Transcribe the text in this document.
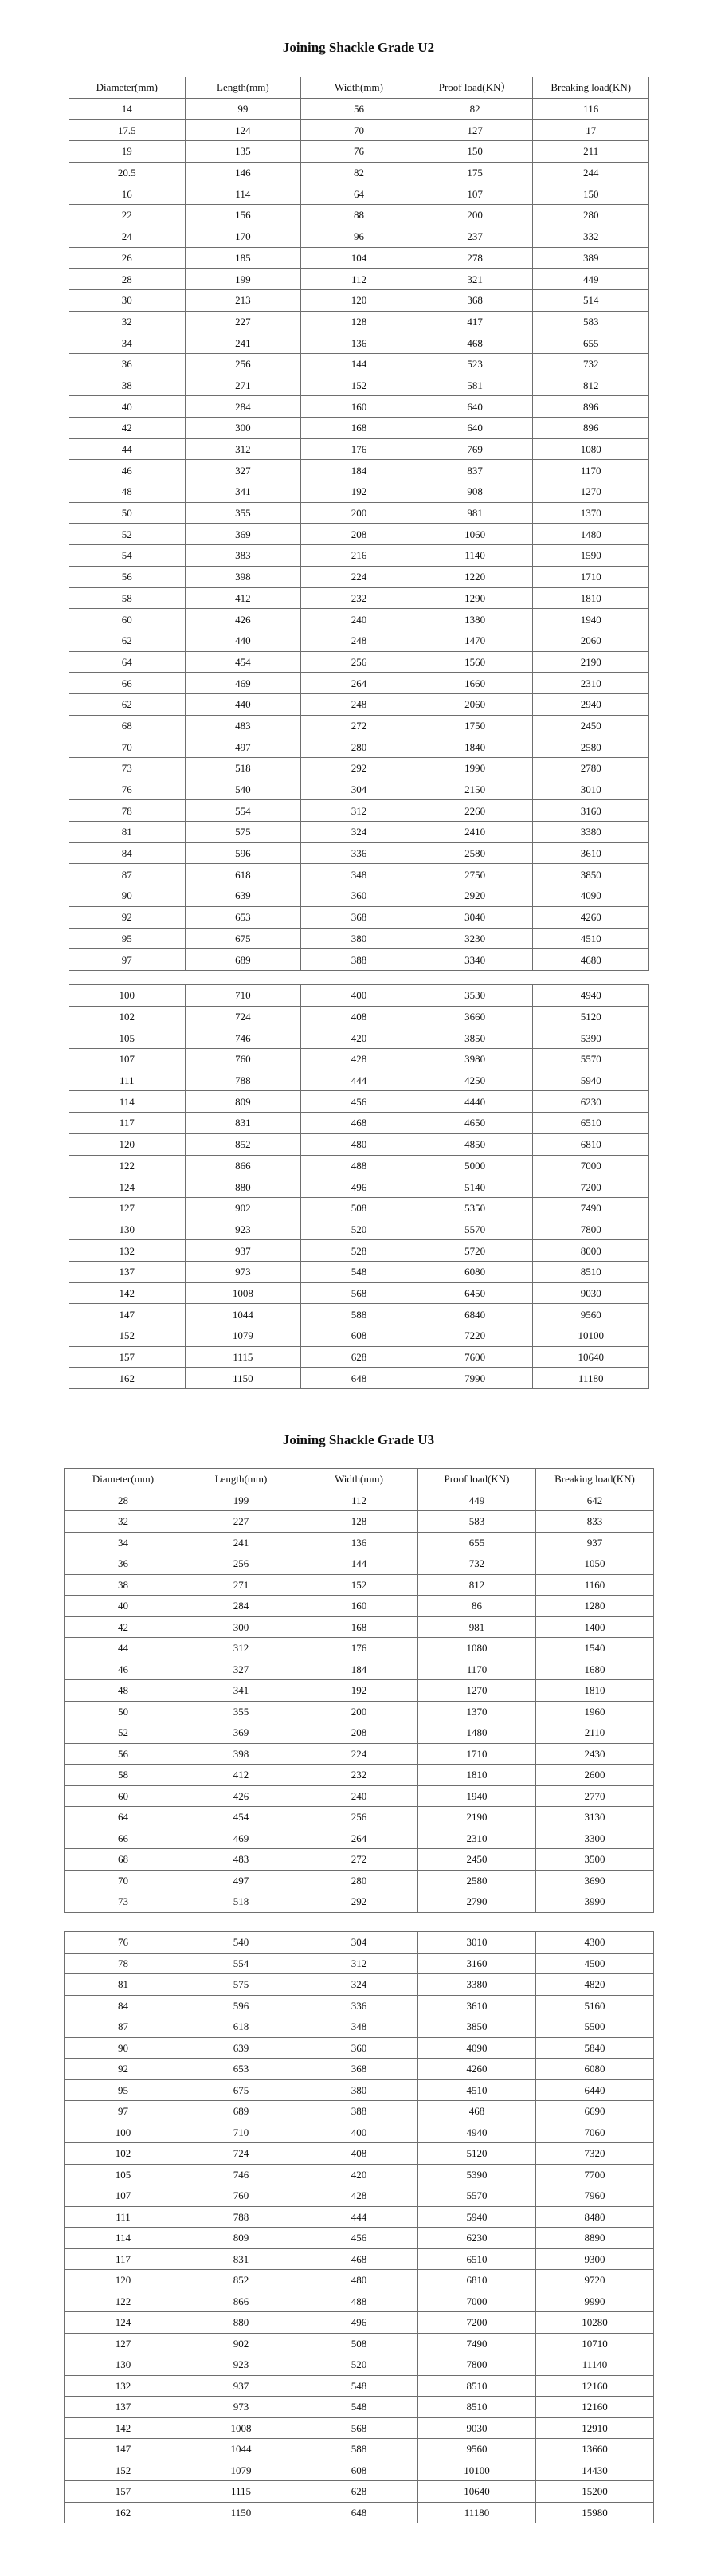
Joining Shackle Grade U2
Diameter(mm)	Length(mm)	Width(mm)	Proof load(KN）	Breaking load(KN)
14	99	56	82	116
17.5	124	70	127	17
19	135	76	150	211
20.5	146	82	175	244
16	114	64	107	150
22	156	88	200	280
24	170	96	237	332
26	185	104	278	389
28	199	112	321	449
30	213	120	368	514
32	227	128	417	583
34	241	136	468	655
36	256	144	523	732
38	271	152	581	812
40	284	160	640	896
42	300	168	640	896
44	312	176	769	1080
46	327	184	837	1170
48	341	192	908	1270
50	355	200	981	1370
52	369	208	1060	1480
54	383	216	1140	1590
56	398	224	1220	1710
58	412	232	1290	1810
60	426	240	1380	1940
62	440	248	1470	2060
64	454	256	1560	2190
66	469	264	1660	2310
62	440	248	2060	2940
68	483	272	1750	2450
70	497	280	1840	2580
73	518	292	1990	2780
76	540	304	2150	3010
78	554	312	2260	3160
81	575	324	2410	3380
84	596	336	2580	3610
87	618	348	2750	3850
90	639	360	2920	4090
92	653	368	3040	4260
95	675	380	3230	4510
97	689	388	3340	4680
100	710	400	3530	4940
102	724	408	3660	5120
105	746	420	3850	5390
107	760	428	3980	5570
111	788	444	4250	5940
114	809	456	4440	6230
117	831	468	4650	6510
120	852	480	4850	6810
122	866	488	5000	7000
124	880	496	5140	7200
127	902	508	5350	7490
130	923	520	5570	7800
132	937	528	5720	8000
137	973	548	6080	8510
142	1008	568	6450	9030
147	1044	588	6840	9560
152	1079	608	7220	10100
157	1115	628	7600	10640
162	1150	648	7990	11180
Joining Shackle Grade U3
Diameter(mm)	Length(mm)	Width(mm)	Proof load(KN)	Breaking load(KN)
28	199	112	449	642
32	227	128	583	833
34	241	136	655	937
36	256	144	732	1050
38	271	152	812	1160
40	284	160	86	1280
42	300	168	981	1400
44	312	176	1080	1540
46	327	184	1170	1680
48	341	192	1270	1810
50	355	200	1370	1960
52	369	208	1480	2110
56	398	224	1710	2430
58	412	232	1810	2600
60	426	240	1940	2770
64	454	256	2190	3130
66	469	264	2310	3300
68	483	272	2450	3500
70	497	280	2580	3690
73	518	292	2790	3990
76	540	304	3010	4300
78	554	312	3160	4500
81	575	324	3380	4820
84	596	336	3610	5160
87	618	348	3850	5500
90	639	360	4090	5840
92	653	368	4260	6080
95	675	380	4510	6440
97	689	388	468	6690
100	710	400	4940	7060
102	724	408	5120	7320
105	746	420	5390	7700
107	760	428	5570	7960
111	788	444	5940	8480
114	809	456	6230	8890
117	831	468	6510	9300
120	852	480	6810	9720
122	866	488	7000	9990
124	880	496	7200	10280
127	902	508	7490	10710
130	923	520	7800	11140
132	937	548	8510	12160
137	973	548	8510	12160
142	1008	568	9030	12910
147	1044	588	9560	13660
152	1079	608	10100	14430
157	1115	628	10640	15200
162	1150	648	11180	15980
